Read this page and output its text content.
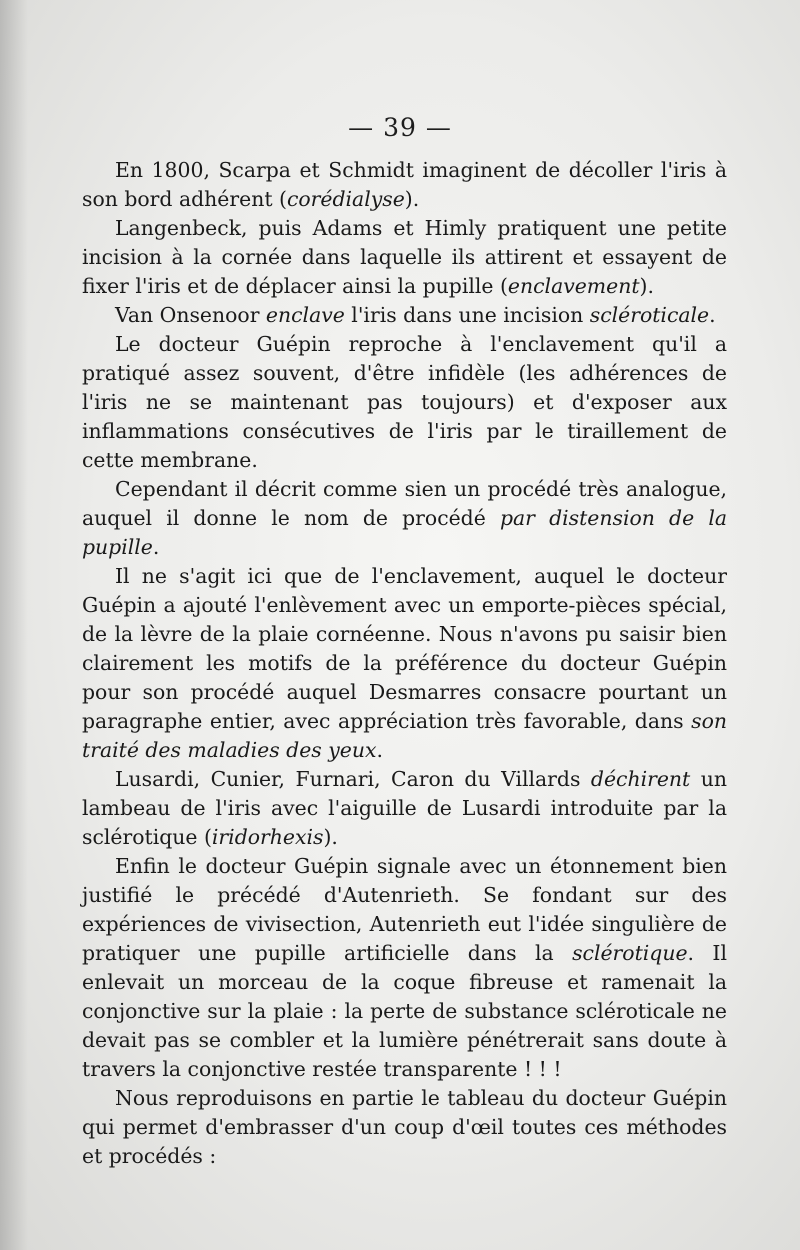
— 39 —

En 1800, Scarpa et Schmidt imaginent de décoller l'iris à son bord adhérent (corédialyse).

Langenbeck, puis Adams et Himly pratiquent une petite incision à la cornée dans laquelle ils attirent et essayent de fixer l'iris et de déplacer ainsi la pupille (enclavement).

Van Onsenoor enclave l'iris dans une incision scléroticale.

Le docteur Guépin reproche à l'enclavement qu'il a pratiqué assez souvent, d'être infidèle (les adhérences de l'iris ne se maintenant pas toujours) et d'exposer aux inflammations consécutives de l'iris par le tiraillement de cette membrane.

Cependant il décrit comme sien un procédé très analogue, auquel il donne le nom de procédé par distension de la pupille.

Il ne s'agit ici que de l'enclavement, auquel le docteur Guépin a ajouté l'enlèvement avec un emporte-pièces spécial, de la lèvre de la plaie cornéenne. Nous n'avons pu saisir bien clairement les motifs de la préférence du docteur Guépin pour son procédé auquel Desmarres consacre pourtant un paragraphe entier, avec appréciation très favorable, dans son traité des maladies des yeux.

Lusardi, Cunier, Furnari, Caron du Villards déchirent un lambeau de l'iris avec l'aiguille de Lusardi introduite par la sclérotique (iridorhexis).

Enfin le docteur Guépin signale avec un étonnement bien justifié le précédé d'Autenrieth. Se fondant sur des expériences de vivisection, Autenrieth eut l'idée singulière de pratiquer une pupille artificielle dans la sclérotique. Il enlevait un morceau de la coque fibreuse et ramenait la conjonctive sur la plaie : la perte de substance scléroticale ne devait pas se combler et la lumière pénétrerait sans doute à travers la conjonctive restée transparente ! ! !

Nous reproduisons en partie le tableau du docteur Guépin qui permet d'embrasser d'un coup d'œil toutes ces méthodes et procédés :
